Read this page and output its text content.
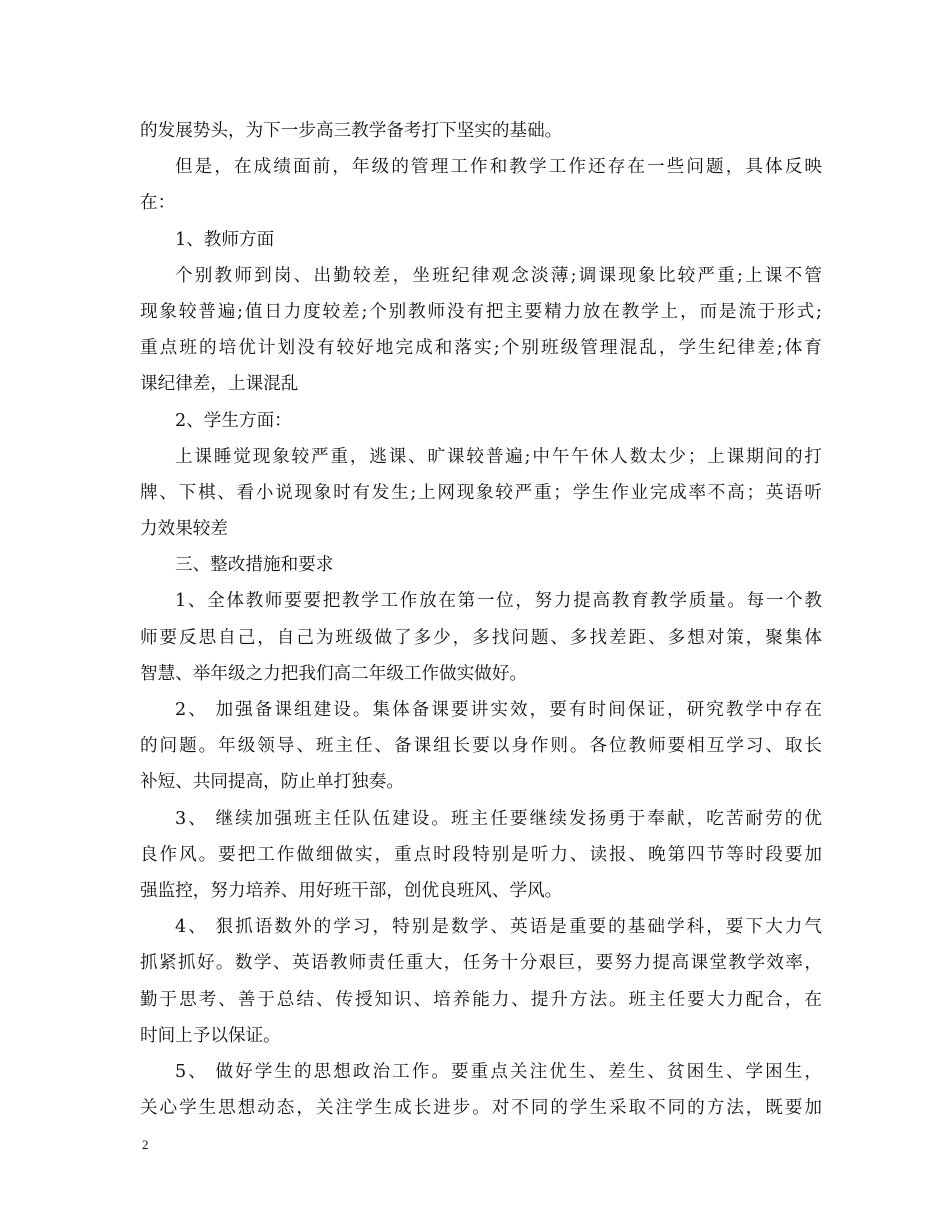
的发展势头，为下一步高三教学备考打下坚实的基础。
但是，在成绩面前，年级的管理工作和教学工作还存在一些问题，具体反映
在：
1、教师方面
个别教师到岗、出勤较差，坐班纪律观念淡薄;调课现象比较严重;上课不管
现象较普遍;值日力度较差;个别教师没有把主要精力放在教学上，而是流于形式;
重点班的培优计划没有较好地完成和落实;个别班级管理混乱，学生纪律差;体育
课纪律差，上课混乱
2、学生方面：
上课睡觉现象较严重，逃课、旷课较普遍;中午午休人数太少；上课期间的打
牌、下棋、看小说现象时有发生;上网现象较严重；学生作业完成率不高；英语听
力效果较差
三、整改措施和要求
1、全体教师要要把教学工作放在第一位，努力提高教育教学质量。每一个教
师要反思自己，自己为班级做了多少，多找问题、多找差距、多想对策，聚集体
智慧、举年级之力把我们高二年级工作做实做好。
2、 加强备课组建设。集体备课要讲实效，要有时间保证，研究教学中存在
的问题。年级领导、班主任、备课组长要以身作则。各位教师要相互学习、取长
补短、共同提高，防止单打独奏。
3、 继续加强班主任队伍建设。班主任要继续发扬勇于奉献，吃苦耐劳的优
良作风。要把工作做细做实，重点时段特别是听力、读报、晚第四节等时段要加
强监控，努力培养、用好班干部，创优良班风、学风。
4、 狠抓语数外的学习，特别是数学、英语是重要的基础学科，要下大力气
抓紧抓好。数学、英语教师责任重大，任务十分艰巨，要努力提高课堂教学效率，
勤于思考、善于总结、传授知识、培养能力、提升方法。班主任要大力配合，在
时间上予以保证。
5、 做好学生的思想政治工作。要重点关注优生、差生、贫困生、学困生，
关心学生思想动态，关注学生成长进步。对不同的学生采取不同的方法，既要加
2
